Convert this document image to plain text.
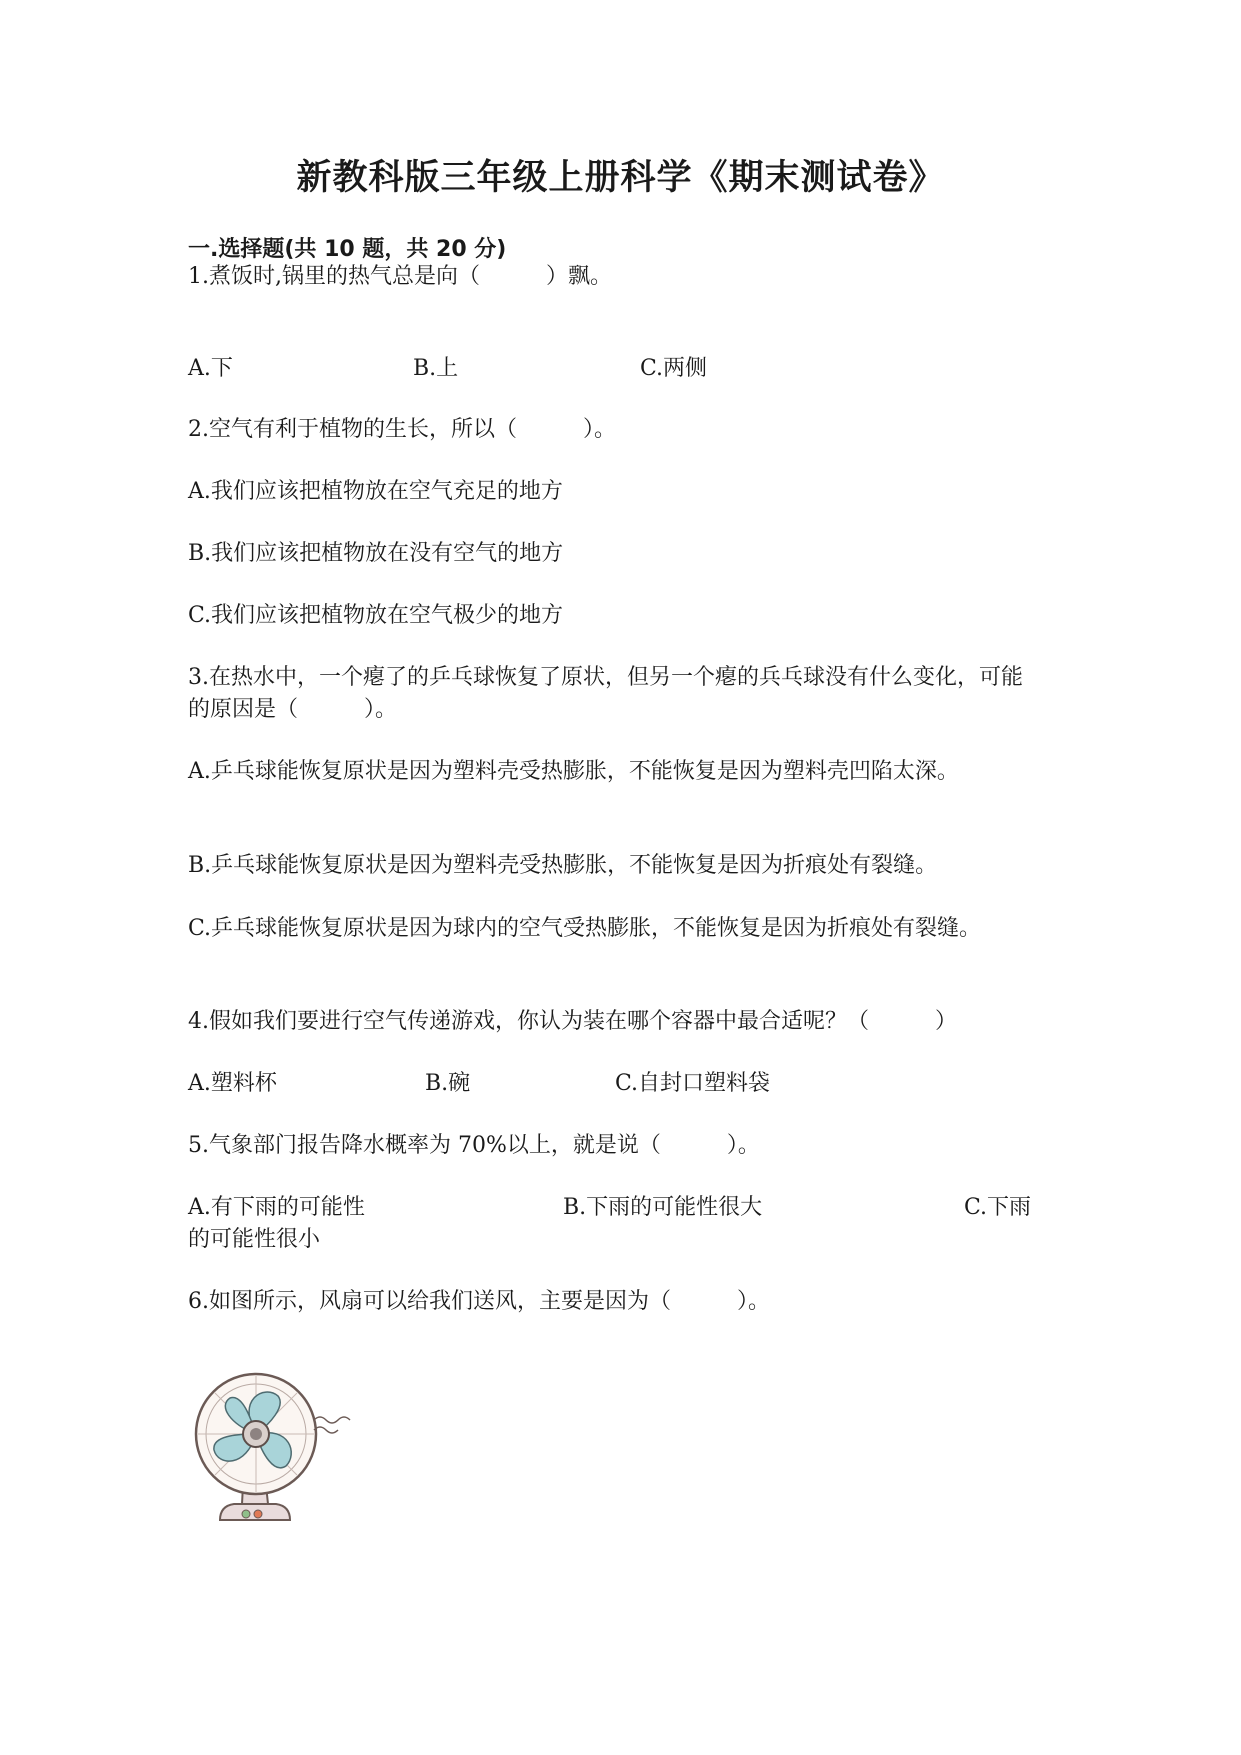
新教科版三年级上册科学《期末测试卷》
一.选择题(共 10 题，共 20 分)
1.煮饭时,锅里的热气总是向（　　　）飘。
A.下	B.上	C.两侧
2.空气有利于植物的生长，所以（　　　）。
A.我们应该把植物放在空气充足的地方
B.我们应该把植物放在没有空气的地方
C.我们应该把植物放在空气极少的地方
3.在热水中，一个瘪了的乒乓球恢复了原状，但另一个瘪的兵乓球没有什么变化，可能的原因是（　　　）。
A.乒乓球能恢复原状是因为塑料壳受热膨胀，不能恢复是因为塑料壳凹陷太深。
B.乒乓球能恢复原状是因为塑料壳受热膨胀，不能恢复是因为折痕处有裂缝。
C.乒乓球能恢复原状是因为球内的空气受热膨胀，不能恢复是因为折痕处有裂缝。
4.假如我们要进行空气传递游戏，你认为装在哪个容器中最合适呢？（　　　）
A.塑料杯	B.碗	C.自封口塑料袋
5.气象部门报告降水概率为 70%以上，就是说（　　　）。
A.有下雨的可能性	B.下雨的可能性很大	C.下雨
的可能性很小
6.如图所示，风扇可以给我们送风，主要是因为（　　　）。
